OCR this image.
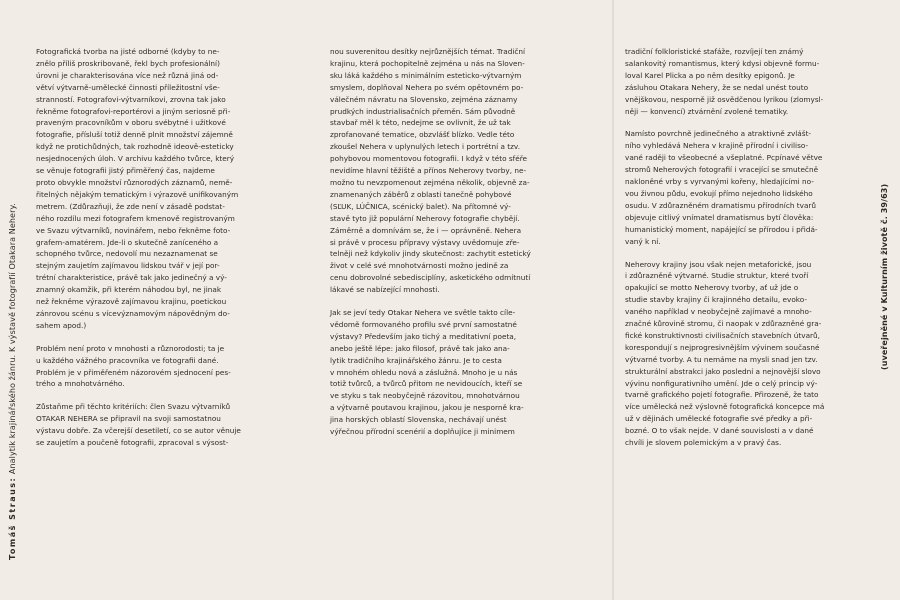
Tomáš Straus: Analytik krajinářského žánru. K výstavě fotografií Otakara Nehery.	(uveřejněné v Kulturním životě č. 39/63)

Fotografická tvorba na jisté odborné (kdyby to ne-
znělo příliš proskribovaně, řekl bych profesionální)
úrovni je charakterisována více než různá jiná od-
větví výtvarně-umělecké činnosti příležitostní vše-
stranností. Fotografovi-výtvarníkovi, zrovna tak jako
řekněme fotografovi-reportérovi a jiným seriosně při-
praveným pracovníkům v oboru svébytné i užitkové
fotografie, přísluší totiž denně plnit množství zájemně
když ne protichůdných, tak rozhodně ideově-esteticky
nesjednocených úloh. V archivu každého tvůrce, který
se věnuje fotografii jistý přiměřený čas, najdeme
proto obvykle množství různorodých záznamů, nemě-
řitelných nějakým tematickým i výrazově unifikovaným
metrem. (Zdůrazňuji, že zde není v zásadě podstat-
ného rozdílu mezi fotografem kmenově registrovaným
ve Svazu výtvarníků, novinářem, nebo řekněme foto-
grafem-amatérem. Jde-li o skutečně zaníceného a
schopného tvůrce, nedovolí mu nezaznamenat se
stejným zaujetím zajímavou lidskou tvář v její por-
trétní charakteristice, právě tak jako jedinečný a vý-
znamný okamžik, při kterém náhodou byl, ne jinak
než řekněme výrazově zajímavou krajinu, poetickou
zánrovou scénu s vícevýznamovým nápovědným do-
sahem apod.)

Problém není proto v mnohosti a různorodosti; ta je
u každého vážného pracovníka ve fotografii dané.
Problém je v přiměřeném názorovém sjednocení pes-
trého a mnohotvárného.

Zůstaňme při těchto kritériích: člen Svazu výtvarníků
OTAKAR NEHERA se připravil na svoji samostatnou
výstavu dobře. Za včerejší desetiletí, co se autor věnuje
se zaujetím a poučeně fotografii, zpracoval s výsost-

nou suverenitou desítky nejrůznějších témat. Tradiční
krajinu, která pochopitelně zejména u nás na Sloven-
sku láká každého s minimálním esteticko-výtvarným
smyslem, doplňoval Nehera po svém opětovném po-
válečném návratu na Slovensko, zejména záznamy
prudkých industrialisačních přeměn. Sám původně
stavbař měl k této, nedejme se ovlivnit, že už tak
zprofanované tematice, obzvlášť blízko. Vedle této
zkoušel Nehera v uplynulých letech i portrétní a tzv.
pohybovou momentovou fotografii. I když v této sféře
nevidíme hlavní těžiště a přínos Neherovy tvorby, ne-
možno tu nevzpomenout zejména několik, objevně za-
znamenaných záběrů z oblasti tanečně pohybové
(SĽUK, LÚČNICA, scénický balet). Na přítomné vý-
stavě tyto již populární Neherovy fotografie chybějí.
Záměrně a domnívám se, že i — oprávněně. Nehera
si právě v procesu přípravy výstavy uvědomuje zře-
telněji než kdykoliv jindy skutečnost: zachytit estetický
život v celé své mnohotvárnosti možno jedině za
cenu dobrovolné sebedisciplíny, asketického odmítnutí
lákavé se nabízející mnohosti.

Jak se jeví tedy Otakar Nehera ve světle takto cíle-
vědomě formovaného profilu své první samostatné
výstavy? Především jako tichý a meditativní poeta,
anebo ještě lépe: jako filosof, právě tak jako ana-
lytik tradičního krajinářského žánru. Je to cesta
v mnohém ohledu nová a záslužná. Mnoho je u nás
totiž tvůrců, a tvůrců přitom ne nevidoucích, kteří se
ve styku s tak neobyčejně rázovitou, mnohotvárnou
a výtvarně poutavou krajinou, jakou je nesporně kra-
jina horských oblastí Slovenska, nechávají unést
výřečnou přírodní scenérií a doplňujíce ji minimem

tradiční folkloristické stafáže, rozvíjejí ten známý
salankovitý romantismus, který kdysi objevně formu-
loval Karel Plicka a po něm desítky epigonů. Je
zásluhou Otakara Nehery, že se nedal unést touto
vnějškovou, nesporně již osvědčenou lyrikou (zlomysl-
něji — konvencí) ztvárnění zvolené tematiky.

Namísto povrchně jedinečného a atraktivně zvlášt-
ního vyhledává Nehera v krajině přírodní i civiliso-
vané raději to všeobecné a všeplatné. Pcpínavé větve
stromů Neherových fotografií i vracející se smutečně
nakloněné vrby s vyrvanými kořeny, hledajícími no-
vou živnou půdu, evokují přímo nejednoho lidského
osudu. V zdůrazněném dramatismu přírodních tvarů
objevuje citlivý vnímatel dramatismus bytí člověka:
humanistický moment, napájející se přírodou i přidá-
vaný k ní.

Neherovy krajiny jsou však nejen metaforické, jsou
i zdůrazněně výtvarné. Studie struktur, které tvoří
opakující se motto Neherovy tvorby, ať už jde o
studie stavby krajiny či krajinného detailu, evoko-
vaného například v neobyčejně zajímavé a mnoho-
značné kůrovině stromu, či naopak v zdůrazněné gra-
fické konstruktivnosti civilisačních stavebních útvarů,
korespondují s nejprogresivnějším vývinem současné
výtvarné tvorby. A tu nemáme na mysli snad jen tzv.
strukturální abstrakci jako poslední a nejnovější slovo
vývinu nonfigurativního umění. Jde o celý princip vý-
tvarně grafického pojetí fotografie. Přirozeně, že tato
více umělecká než výslovně fotografická koncepce má
už v dějinách umělecké fotografie své předky a při-
bozné. O to však nejde. V dané souvislosti a v dané
chvíli je slovem polemickým a v pravý čas.
